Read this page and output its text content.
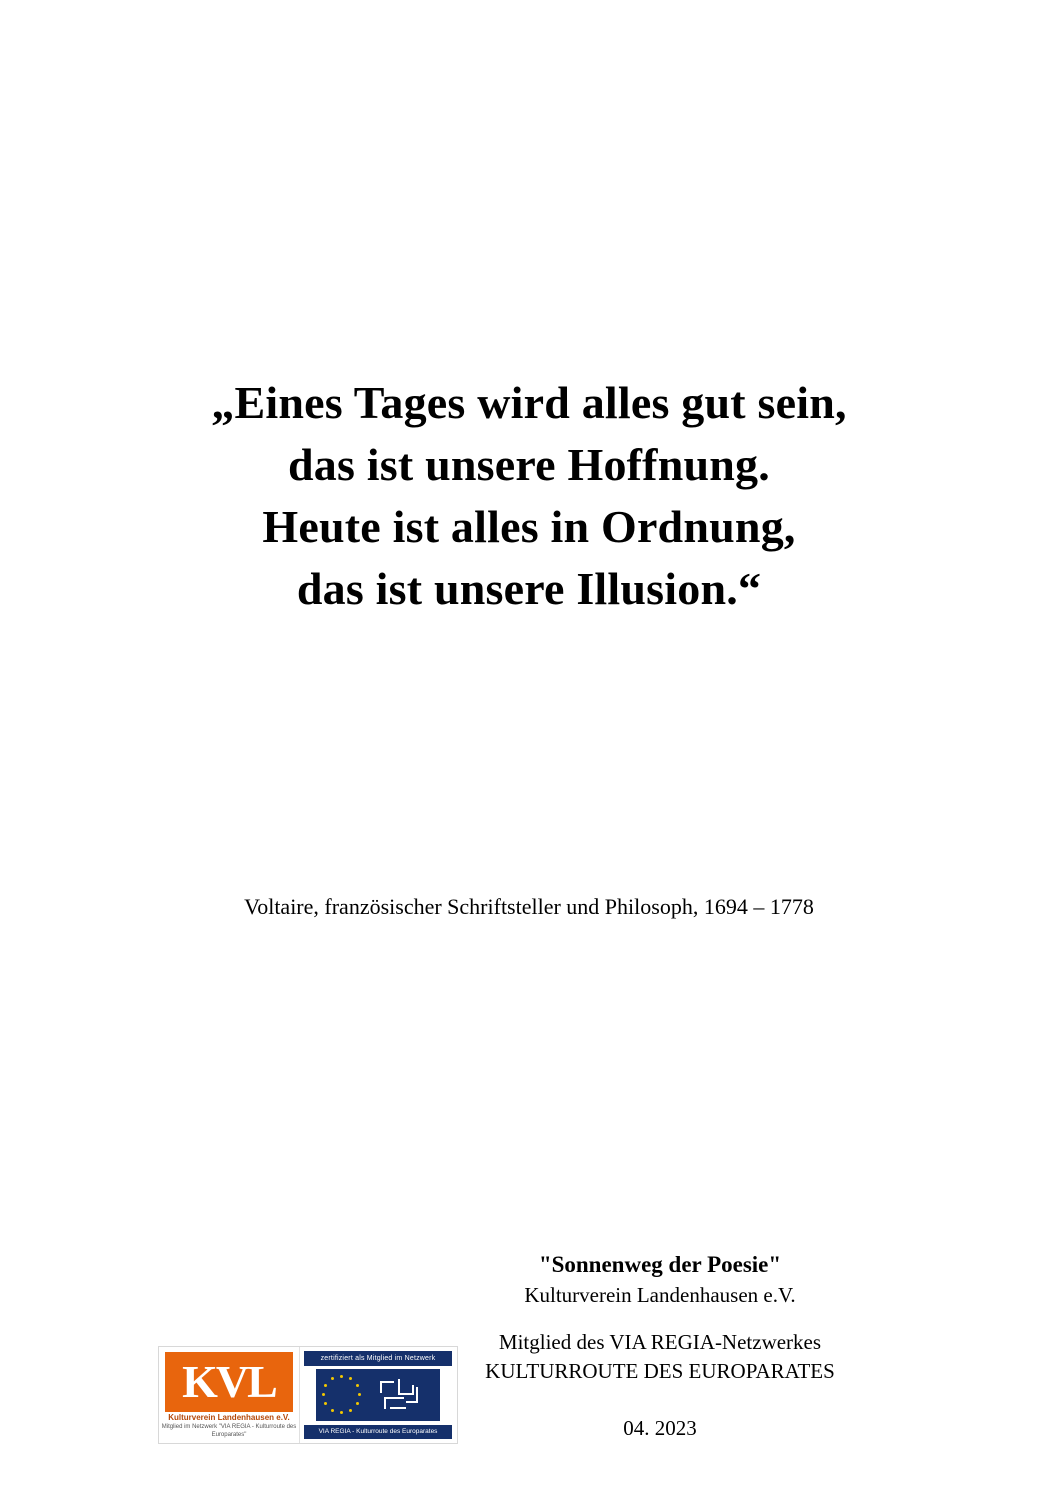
„Eines Tages wird alles gut sein,
das ist unsere Hoffnung.
Heute ist alles in Ordnung,
das ist unsere Illusion.“
Voltaire, französischer Schriftsteller und Philosoph, 1694 – 1778
"Sonnenweg der Poesie"
Kulturverein Landenhausen e.V.
Mitglied des VIA REGIA-Netzwerkes
KULTURROUTE DES EUROPARATES
04. 2023
KVL
Kulturverein Landenhausen e.V.
Mitglied im Netzwerk "VIA REGIA - Kulturroute des Europarates"
zertifiziert als Mitglied im Netzwerk
VIA REGIA - Kulturroute des Europarates
